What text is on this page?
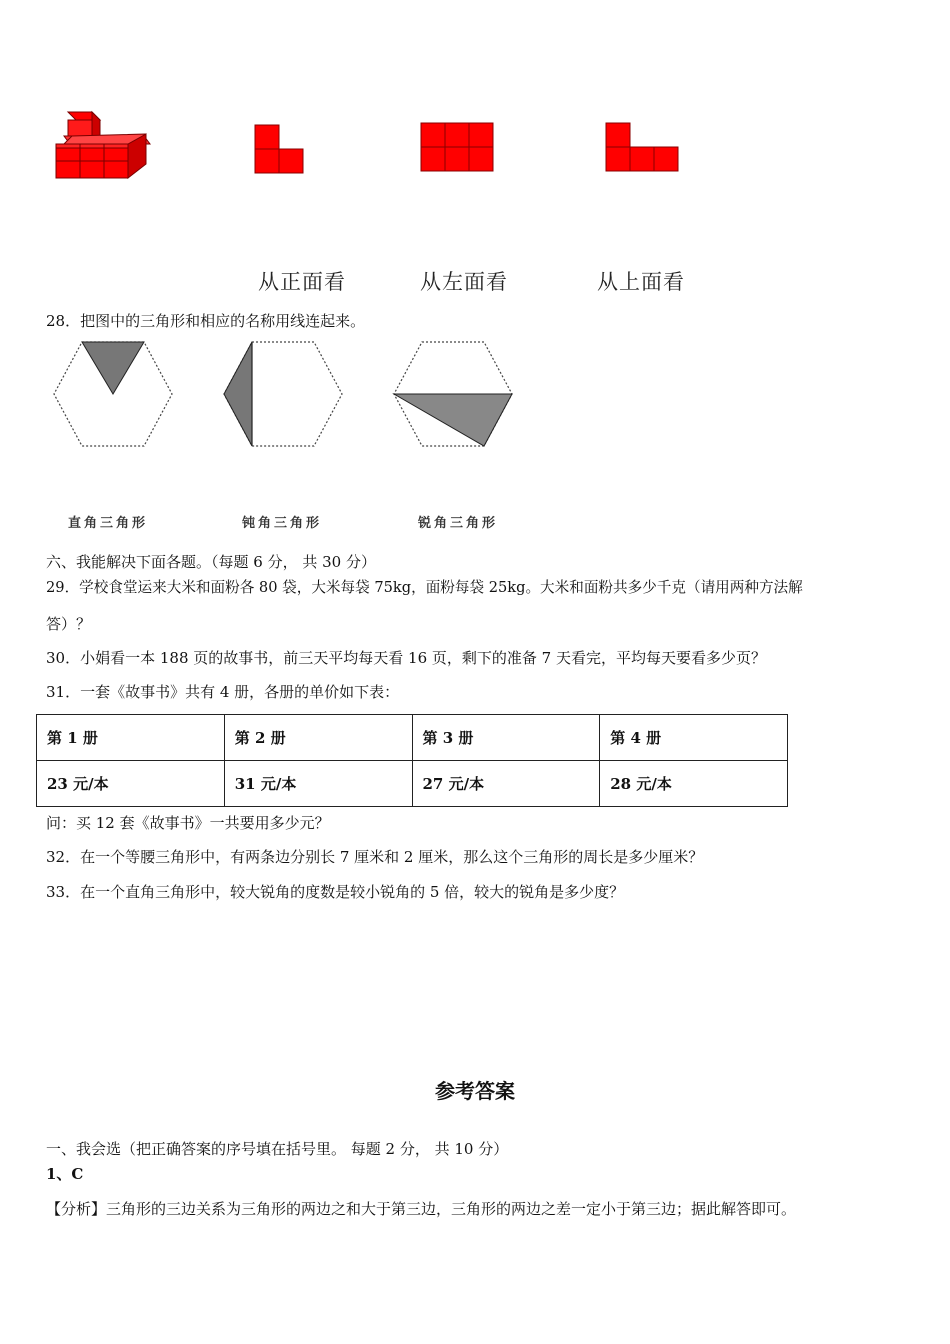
从正面看	从左面看	从上面看
28．把图中的三角形和相应的名称用线连起来。
直角三角形	钝角三角形	锐角三角形
六、我能解决下面各题。（每题 6 分， 共 30 分）
29．学校食堂运来大米和面粉各 80 袋，大米每袋 75kg，面粉每袋 25kg。大米和面粉共多少千克（请用两种方法解
答）？
30．小娟看一本 188 页的故事书，前三天平均每天看 16 页，剩下的准备 7 天看完，平均每天要看多少页？
31．一套《故事书》共有 4 册，各册的单价如下表：
第 1 册	第 2 册	第 3 册	第 4 册
23 元/本	31 元/本	27 元/本	28 元/本
问：买 12 套《故事书》一共要用多少元？
32．在一个等腰三角形中，有两条边分别长 7 厘米和 2 厘米，那么这个三角形的周长是多少厘米？
33．在一个直角三角形中，较大锐角的度数是较小锐角的 5 倍，较大的锐角是多少度？
参考答案
一、我会选（把正确答案的序号填在括号里。 每题 2 分， 共 10 分）
1、C
【分析】三角形的三边关系为三角形的两边之和大于第三边，三角形的两边之差一定小于第三边；据此解答即可。
